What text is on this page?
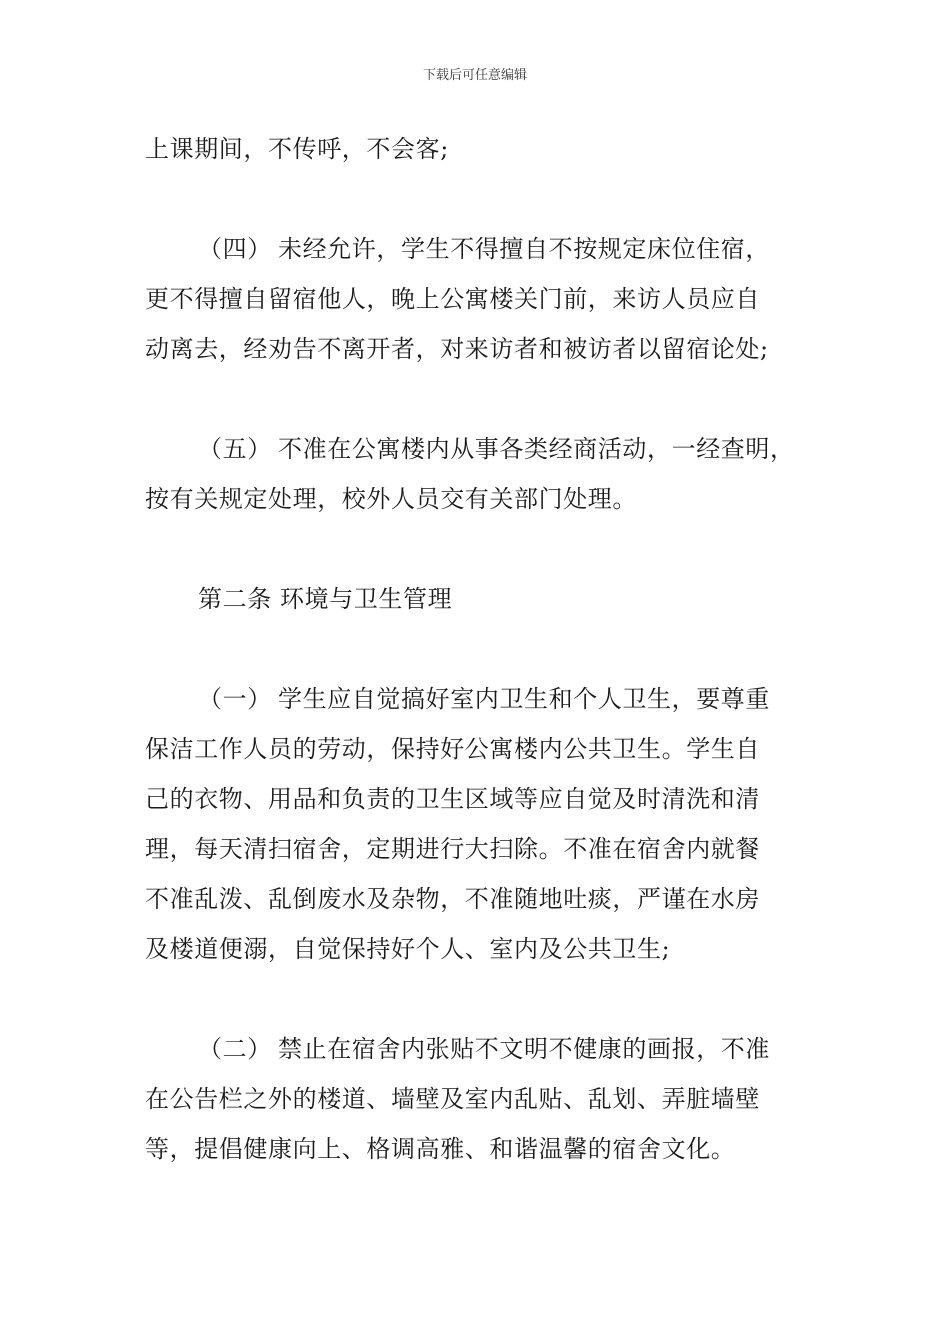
下载后可任意编辑
上课期间，不传呼，不会客;
（四） 未经允许，学生不得擅自不按规定床位住宿，
更不得擅自留宿他人，晚上公寓楼关门前，来访人员应自
动离去，经劝告不离开者，对来访者和被访者以留宿论处;
（五） 不准在公寓楼内从事各类经商活动，一经查明，
按有关规定处理，校外人员交有关部门处理。
第二条 环境与卫生管理
（一） 学生应自觉搞好室内卫生和个人卫生，要尊重
保洁工作人员的劳动，保持好公寓楼内公共卫生。学生自
己的衣物、用品和负责的卫生区域等应自觉及时清洗和清
理，每天清扫宿舍，定期进行大扫除。不准在宿舍内就餐
不准乱泼、乱倒废水及杂物，不准随地吐痰，严谨在水房
及楼道便溺，自觉保持好个人、室内及公共卫生;
（二） 禁止在宿舍内张贴不文明不健康的画报，不准
在公告栏之外的楼道、墙壁及室内乱贴、乱划、弄脏墙壁
等，提倡健康向上、格调高雅、和谐温馨的宿舍文化。
